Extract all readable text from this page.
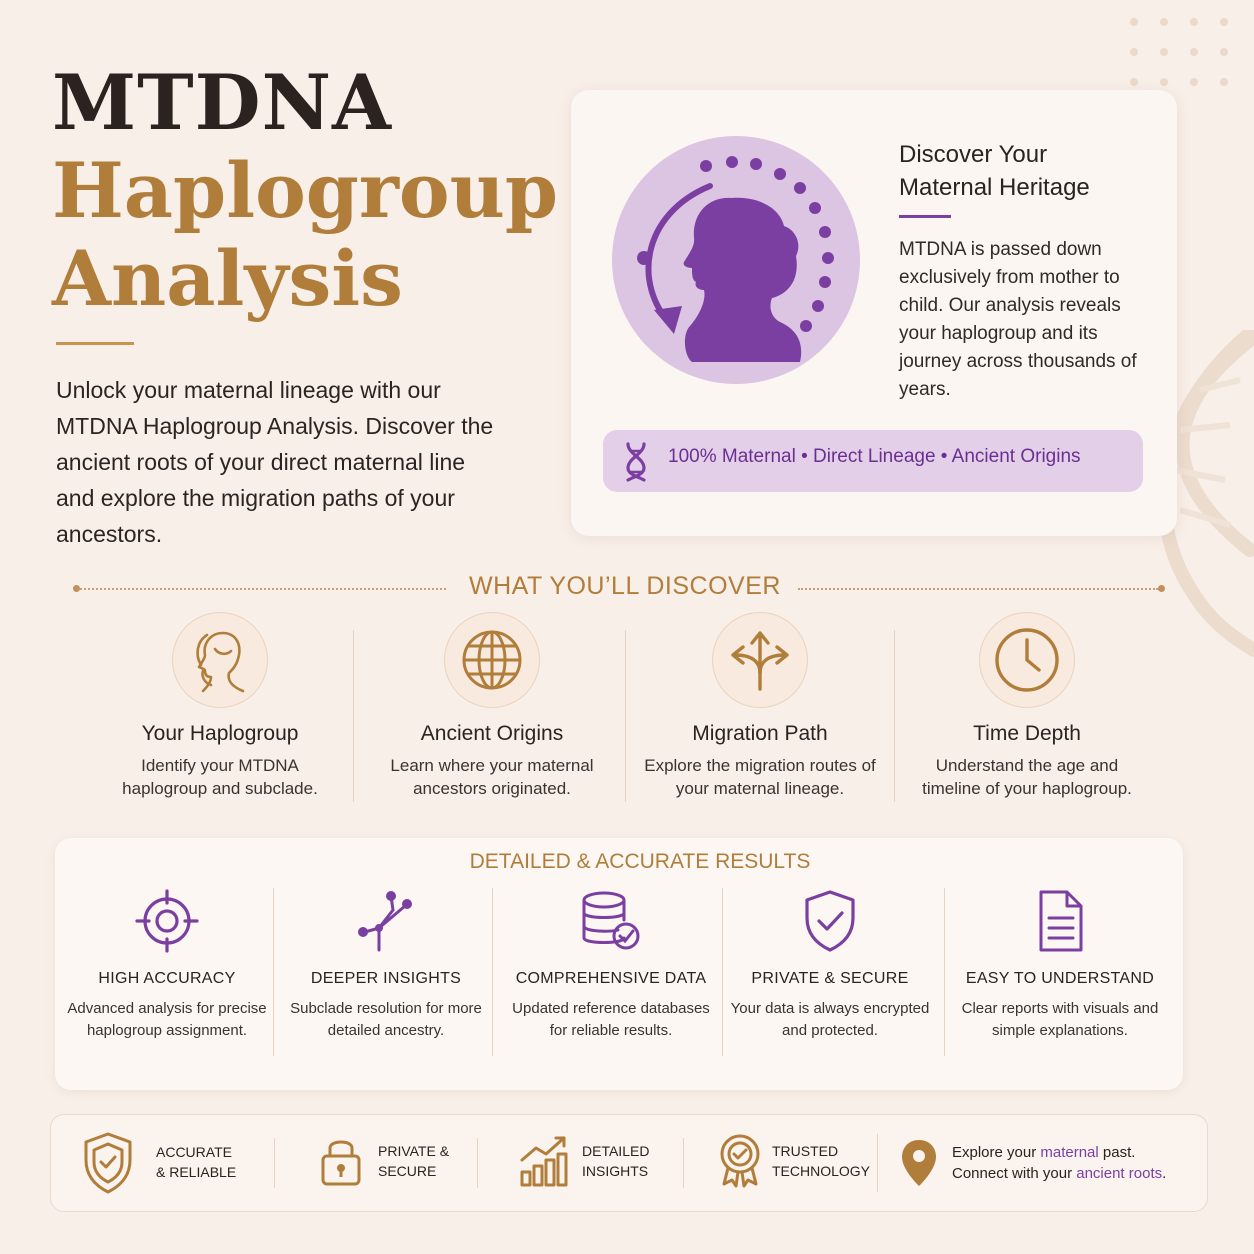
MTDNA
Haplogroup
Analysis
Unlock your maternal lineage with our MTDNA Haplogroup Analysis. Discover the ancient roots of your direct maternal line and explore the migration paths of your ancestors.
Discover Your
Maternal Heritage
MTDNA is passed down exclusively from mother to child. Our analysis reveals your haplogroup and its journey across thousands of years.
100% Maternal • Direct Lineage • Ancient Origins
WHAT YOU’LL DISCOVER
Your Haplogroup
Identify your MTDNA haplogroup and subclade.
Ancient Origins
Learn where your maternal ancestors originated.
Migration Path
Explore the migration routes of your maternal lineage.
Time Depth
Understand the age and timeline of your haplogroup.
DETAILED & ACCURATE RESULTS
HIGH ACCURACY
Advanced analysis for precise haplogroup assignment.
DEEPER INSIGHTS
Subclade resolution for more detailed ancestry.
COMPREHENSIVE DATA
Updated reference databases for reliable results.
PRIVATE & SECURE
Your data is always encrypted and protected.
EASY TO UNDERSTAND
Clear reports with visuals and simple explanations.
ACCURATE
& RELIABLE
PRIVATE &
SECURE
DETAILED
INSIGHTS
TRUSTED
TECHNOLOGY
Explore your maternal past.
Connect with your ancient roots.
